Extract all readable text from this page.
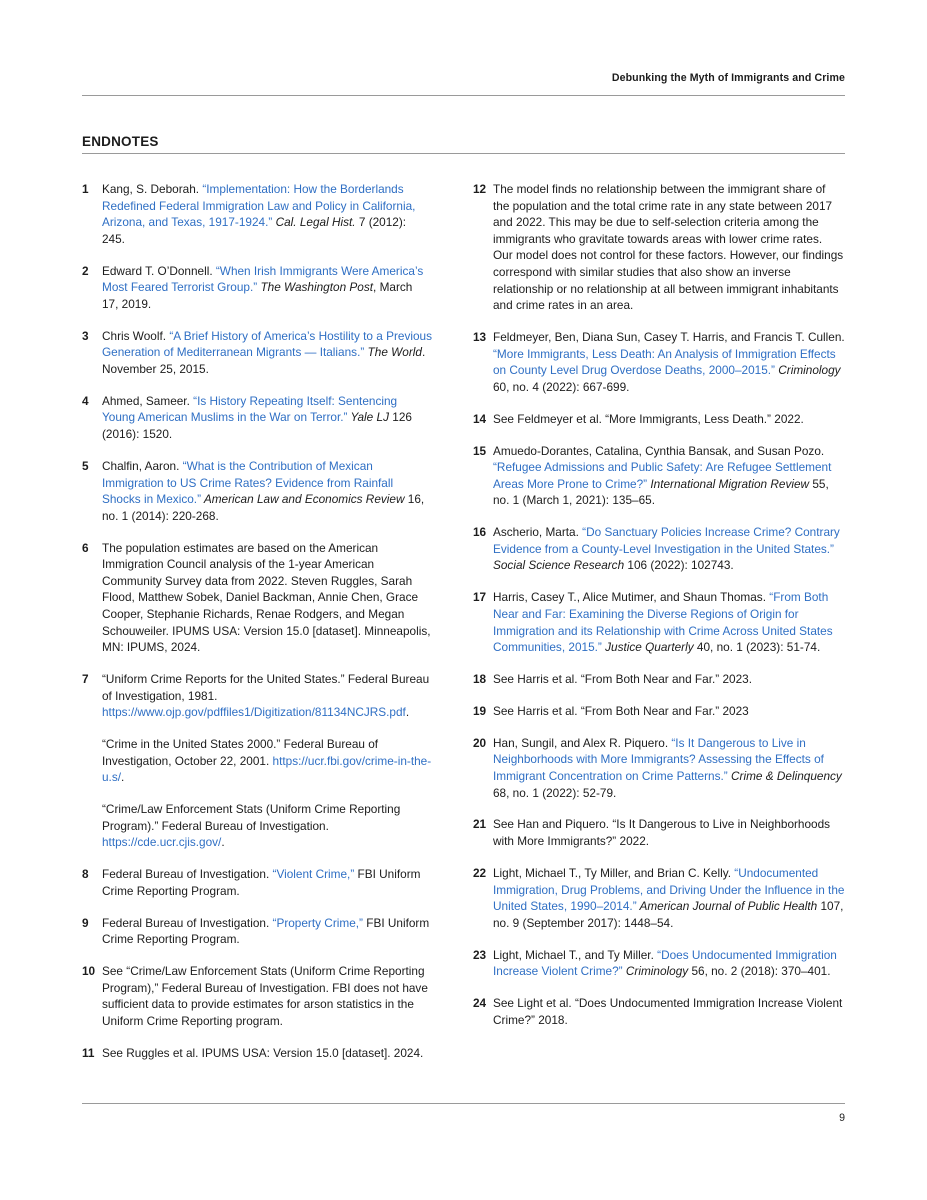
Debunking the Myth of Immigrants and Crime
ENDNOTES
1	Kang, S. Deborah. “Implementation: How the Borderlands Redefined Federal Immigration Law and Policy in California, Arizona, and Texas, 1917-1924.” Cal. Legal Hist. 7 (2012): 245.
2	Edward T. O’Donnell. “When Irish Immigrants Were America’s Most Feared Terrorist Group.” The Washington Post, March 17, 2019.
3	Chris Woolf. “A Brief History of America’s Hostility to a Previous Generation of Mediterranean Migrants — Italians.” The World. November 25, 2015.
4	Ahmed, Sameer. “Is History Repeating Itself: Sentencing Young American Muslims in the War on Terror.” Yale LJ 126 (2016): 1520.
5	Chalfin, Aaron. “What is the Contribution of Mexican Immigration to US Crime Rates? Evidence from Rainfall Shocks in Mexico.” American Law and Economics Review 16, no. 1 (2014): 220-268.
6	The population estimates are based on the American Immigration Council analysis of the 1-year American Community Survey data from 2022. Steven Ruggles, Sarah Flood, Matthew Sobek, Daniel Backman, Annie Chen, Grace Cooper, Stephanie Richards, Renae Rodgers, and Megan Schouweiler. IPUMS USA: Version 15.0 [dataset]. Minneapolis, MN: IPUMS, 2024.
7	“Uniform Crime Reports for the United States.” Federal Bureau of Investigation, 1981. https://www.ojp.gov/pdffiles1/Digitization/81134NCJRS.pdf.
“Crime in the United States 2000.” Federal Bureau of Investigation, October 22, 2001. https://ucr.fbi.gov/crime-in-the-u.s/.
“Crime/Law Enforcement Stats (Uniform Crime Reporting Program).” Federal Bureau of Investigation. https://cde.ucr.cjis.gov/.
8	Federal Bureau of Investigation. “Violent Crime,” FBI Uniform Crime Reporting Program.
9	Federal Bureau of Investigation. “Property Crime,” FBI Uniform Crime Reporting Program.
10 See “Crime/Law Enforcement Stats (Uniform Crime Reporting Program),” Federal Bureau of Investigation. FBI does not have sufficient data to provide estimates for arson statistics in the Uniform Crime Reporting program.
11 See Ruggles et al. IPUMS USA: Version 15.0 [dataset]. 2024.
12 The model finds no relationship between the immigrant share of the population and the total crime rate in any state between 2017 and 2022. This may be due to self-selection criteria among the immigrants who gravitate towards areas with lower crime rates. Our model does not control for these factors. However, our findings correspond with similar studies that also show an inverse relationship or no relationship at all between immigrant inhabitants and crime rates in an area.
13 Feldmeyer, Ben, Diana Sun, Casey T. Harris, and Francis T. Cullen. “More Immigrants, Less Death: An Analysis of Immigration Effects on County Level Drug Overdose Deaths, 2000–2015.” Criminology 60, no. 4 (2022): 667-699.
14 See Feldmeyer et al. “More Immigrants, Less Death.” 2022.
15 Amuedo-Dorantes, Catalina, Cynthia Bansak, and Susan Pozo. “Refugee Admissions and Public Safety: Are Refugee Settlement Areas More Prone to Crime?” International Migration Review 55, no. 1 (March 1, 2021): 135–65.
16 Ascherio, Marta. “Do Sanctuary Policies Increase Crime? Contrary Evidence from a County-Level Investigation in the United States.” Social Science Research 106 (2022): 102743.
17 Harris, Casey T., Alice Mutimer, and Shaun Thomas. “From Both Near and Far: Examining the Diverse Regions of Origin for Immigration and its Relationship with Crime Across United States Communities, 2015.” Justice Quarterly 40, no. 1 (2023): 51-74.
18 See Harris et al. “From Both Near and Far.” 2023.
19 See Harris et al. “From Both Near and Far.” 2023
20 Han, Sungil, and Alex R. Piquero. “Is It Dangerous to Live in Neighborhoods with More Immigrants? Assessing the Effects of Immigrant Concentration on Crime Patterns.” Crime & Delinquency 68, no. 1 (2022): 52-79.
21 See Han and Piquero. “Is It Dangerous to Live in Neighborhoods with More Immigrants?” 2022.
22 Light, Michael T., Ty Miller, and Brian C. Kelly. “Undocumented Immigration, Drug Problems, and Driving Under the Influence in the United States, 1990–2014.” American Journal of Public Health 107, no. 9 (September 2017): 1448–54.
23 Light, Michael T., and Ty Miller. “Does Undocumented Immigration Increase Violent Crime?” Criminology 56, no. 2 (2018): 370–401.
24 See Light et al. “Does Undocumented Immigration Increase Violent Crime?” 2018.
9
